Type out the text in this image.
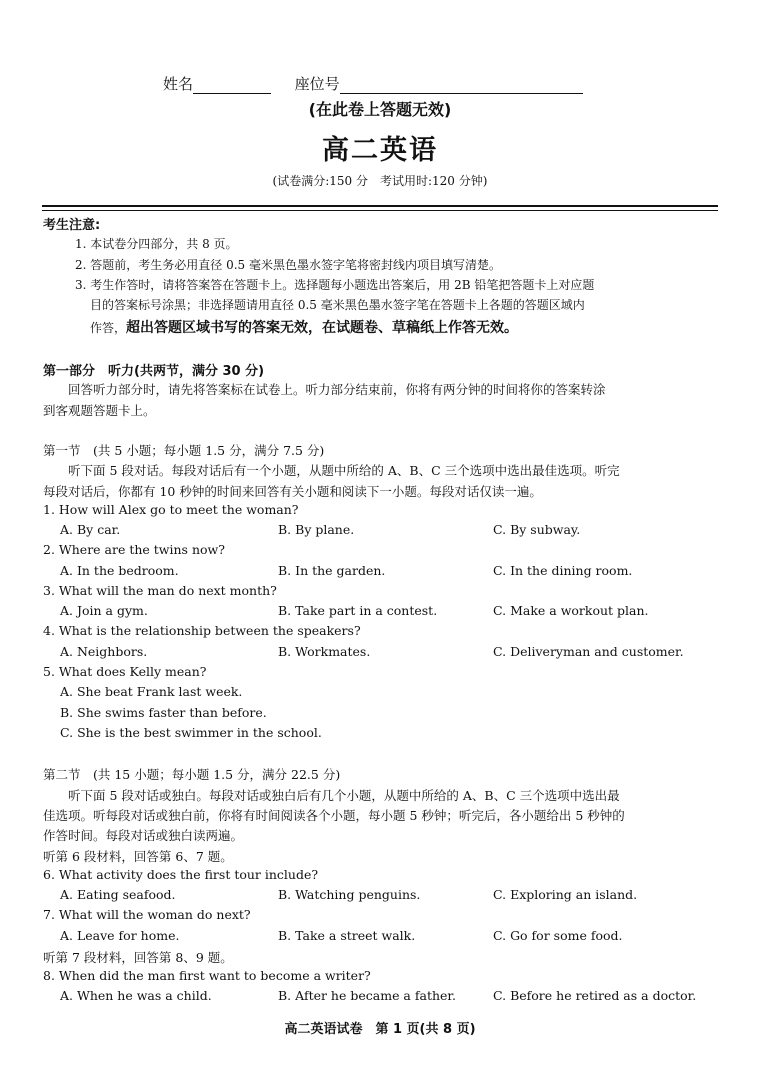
姓名	座位号
(在此卷上答题无效)
高二英语
(试卷满分:150 分　考试用时:120 分钟)
考生注意:
1. 本试卷分四部分，共 8 页。
2. 答题前，考生务必用直径 0.5 毫米黑色墨水签字笔将密封线内项目填写清楚。
3. 考生作答时，请将答案答在答题卡上。选择题每小题选出答案后，用 2B 铅笔把答题卡上对应题
目的答案标号涂黑；非选择题请用直径 0.5 毫米黑色墨水签字笔在答题卡上各题的答题区域内
作答，超出答题区域书写的答案无效，在试题卷、草稿纸上作答无效。
第一部分　听力(共两节，满分 30 分)
　　回答听力部分时，请先将答案标在试卷上。听力部分结束前，你将有两分钟的时间将你的答案转涂
到客观题答题卡上。
第一节　(共 5 小题；每小题 1.5 分，满分 7.5 分)
　　听下面 5 段对话。每段对话后有一个小题，从题中所给的 A、B、C 三个选项中选出最佳选项。听完
每段对话后，你都有 10 秒钟的时间来回答有关小题和阅读下一小题。每段对话仅读一遍。
1. How will Alex go to meet the woman?
A. By car.	B. By plane.	C. By subway.
2. Where are the twins now?
A. In the bedroom.	B. In the garden.	C. In the dining room.
3. What will the man do next month?
A. Join a gym.	B. Take part in a contest.	C. Make a workout plan.
4. What is the relationship between the speakers?
A. Neighbors.	B. Workmates.	C. Deliveryman and customer.
5. What does Kelly mean?
A. She beat Frank last week.
B. She swims faster than before.
C. She is the best swimmer in the school.
第二节　(共 15 小题；每小题 1.5 分，满分 22.5 分)
　　听下面 5 段对话或独白。每段对话或独白后有几个小题，从题中所给的 A、B、C 三个选项中选出最
佳选项。听每段对话或独白前，你将有时间阅读各个小题，每小题 5 秒钟；听完后，各小题给出 5 秒钟的
作答时间。每段对话或独白读两遍。
听第 6 段材料，回答第 6、7 题。
6. What activity does the first tour include?
A. Eating seafood.	B. Watching penguins.	C. Exploring an island.
7. What will the woman do next?
A. Leave for home.	B. Take a street walk.	C. Go for some food.
听第 7 段材料，回答第 8、9 题。
8. When did the man first want to become a writer?
A. When he was a child.	B. After he became a father.	C. Before he retired as a doctor.
高二英语试卷　第 1 页(共 8 页)
